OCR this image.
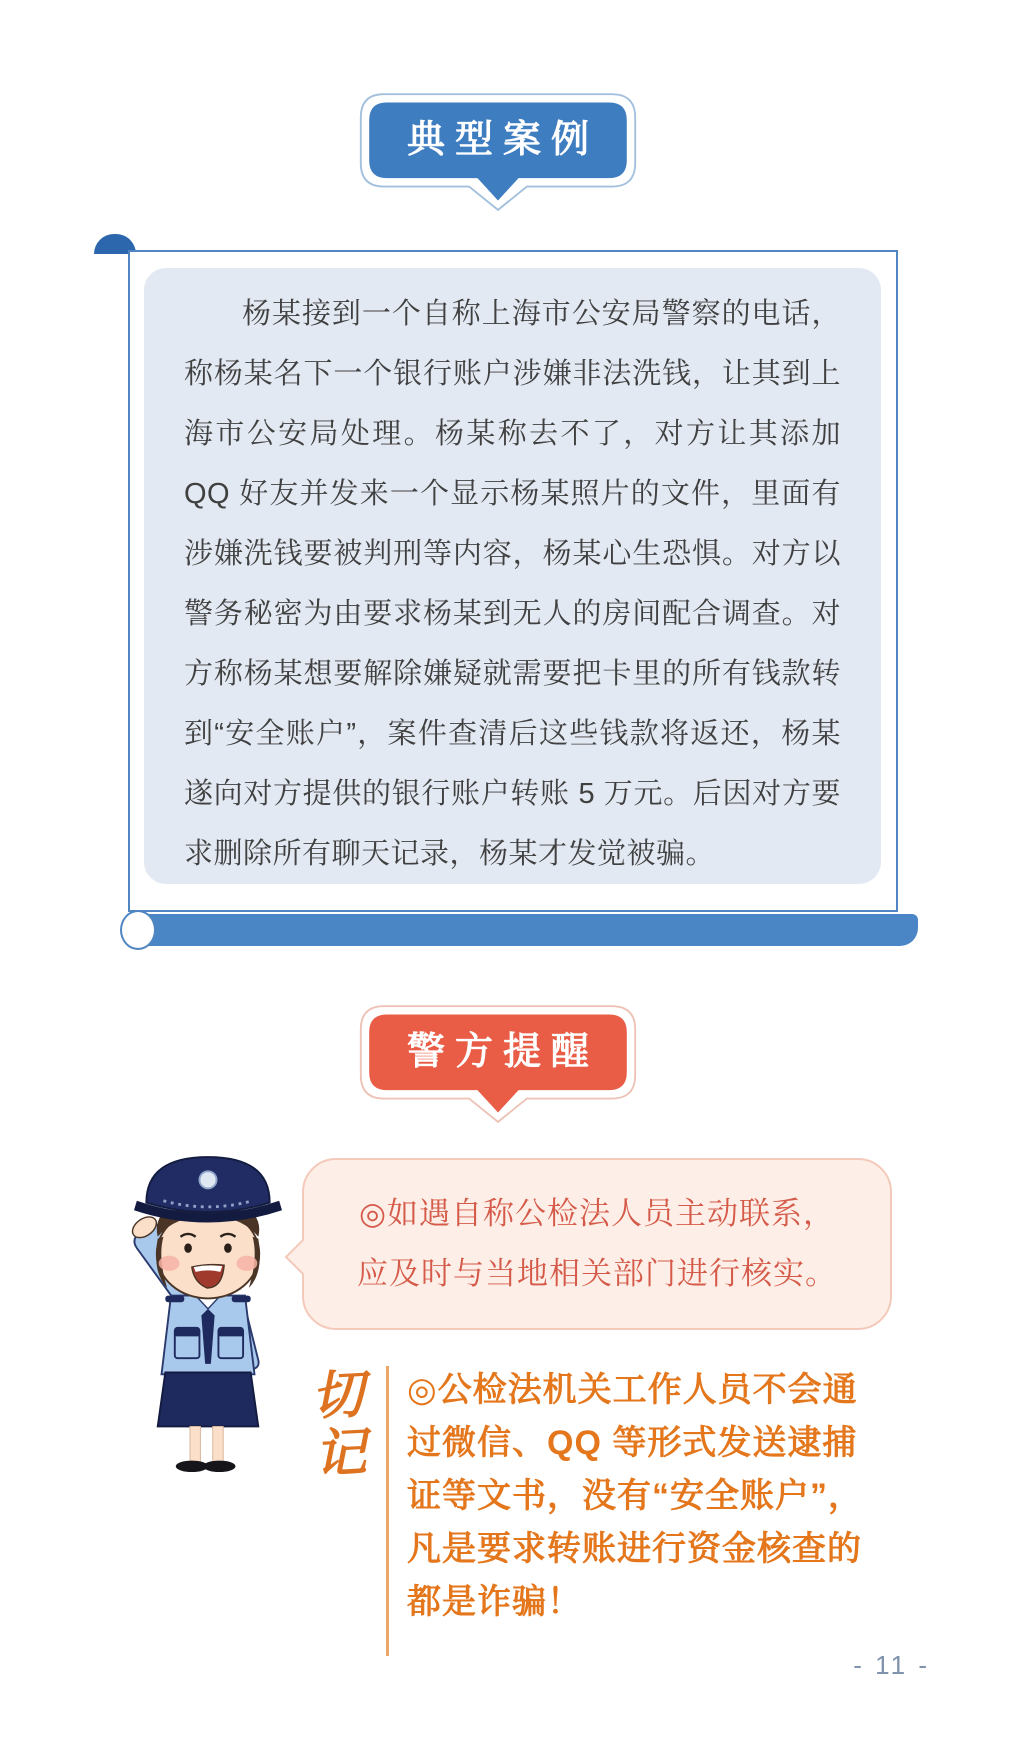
典型案例

杨某接到一个自称上海市公安局警察的电话，称杨某名下一个银行账户涉嫌非法洗钱，让其到上海市公安局处理。杨某称去不了，对方让其添加QQ 好友并发来一个显示杨某照片的文件，里面有涉嫌洗钱要被判刑等内容，杨某心生恐惧。对方以警务秘密为由要求杨某到无人的房间配合调查。对方称杨某想要解除嫌疑就需要把卡里的所有钱款转到“安全账户”，案件查清后这些钱款将返还，杨某遂向对方提供的银行账户转账 5 万元。后因对方要求删除所有聊天记录，杨某才发觉被骗。

警方提醒
◎如遇自称公检法人员主动联系，
应及时与当地相关部门进行核实。
切
记
◎公检法机关工作人员不会通
过微信、QQ 等形式发送逮捕
证等文书，没有“安全账户”，
凡是要求转账进行资金核查的
都是诈骗！
- 11 -
